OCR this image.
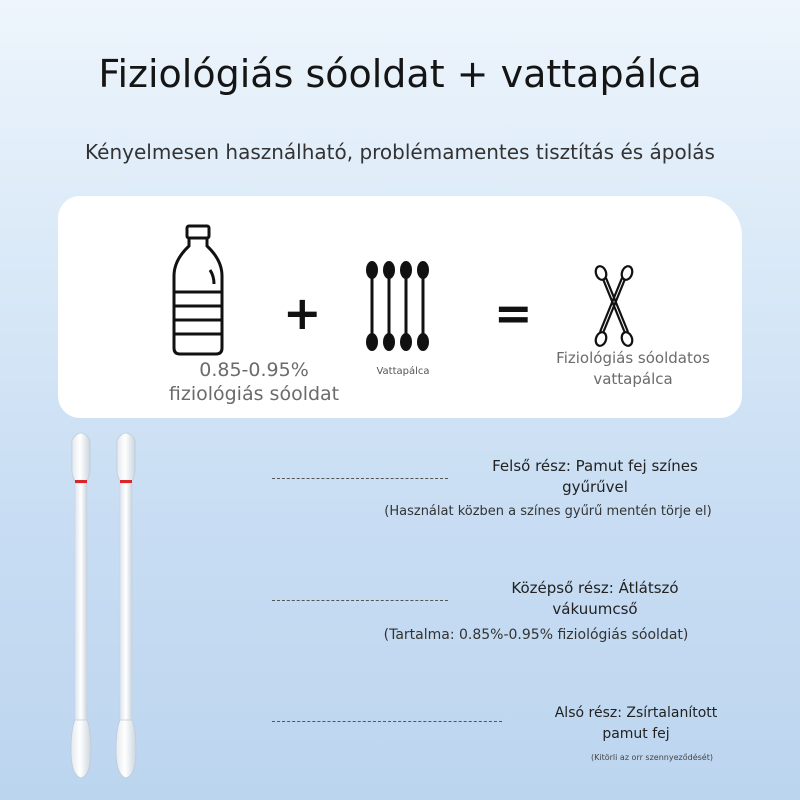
Fiziológiás sóoldat + vattapálca
Kényelmesen használható, problémamentes tisztítás és ápolás
0.85-0.95%
fiziológiás sóoldat
+
Vattapálca
=
Fiziológiás sóoldatos
vattapálca
Felső rész: Pamut fej színes
gyűrűvel
(Használat közben a színes gyűrű mentén törje el)
Középső rész: Átlátszó
vákuumcső
(Tartalma: 0.85%-0.95% fiziológiás sóoldat)
Alsó rész: Zsírtalanított
pamut fej
(Kitörli az orr szennyeződését)
